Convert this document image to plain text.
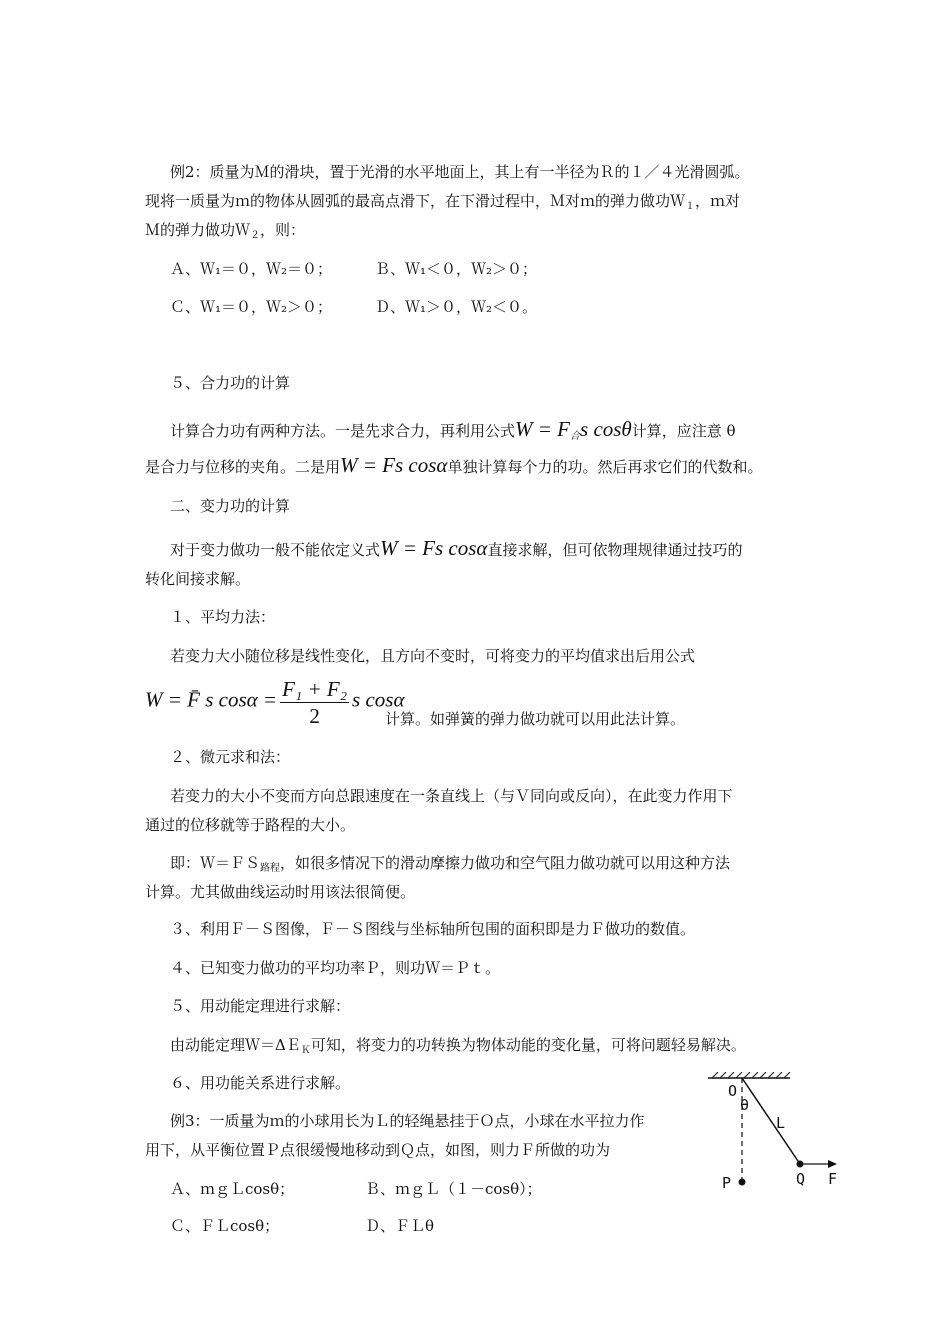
例2：质量为Ｍ的滑块，置于光滑的水平地面上，其上有一半径为Ｒ的１／４光滑圆弧。
现将一质量为ｍ的物体从圆弧的最高点滑下，在下滑过程中，Ｍ对ｍ的弹力做功Ｗ$_1$，ｍ对
Ｍ的弹力做功Ｗ$_2$，则：
Ａ、Ｗ₁＝０，Ｗ₂＝０；	Ｂ、Ｗ₁＜０，Ｗ₂＞０；
Ｃ、Ｗ₁＝０，Ｗ₂＞０；	Ｄ、Ｗ₁＞０，Ｗ₂＜０。
５、合力功的计算
计算合力功有两种方法。一是先求合力，再利用公式$W = F_合s$ cosθ计算，应注意 θ
是合力与位移的夹角。二是用W = Fs cosα单独计算每个力的功。然后再求它们的代数和。
二、变力功的计算
对于变力做功一般不能依定义式W = Fs cosα直接求解，但可依物理规律通过技巧的
转化间接求解。
１、平均力法：
若变力大小随位移是线性变化，且方向不变时，可将变力的平均值求出后用公式
W = F̄ s $\cos\alpha = \frac{\text{F₁ + F₂}}{2}$ s cosα
计算。如弹簧的弹力做功就可以用此法计算。
２、微元求和法：
若变力的大小不变而方向总跟速度在一条直线上（与Ｖ同向或反向），在此变力作用下
通过的位移就等于路程的大小。
即：Ｗ＝ＦＳ$_{路程}$，如很多情况下的滑动摩擦力做功和空气阻力做功就可以用这种方法
计算。尤其做曲线运动时用该法很简便。
３、利用Ｆ－Ｓ图像，Ｆ－Ｓ图线与坐标轴所包围的面积即是力Ｆ做功的数值。
４、已知变力做功的平均功率Ｐ，则功Ｗ＝Ｐｔ。
５、用动能定理进行求解：
由动能定理Ｗ＝ΔＥ$_K$可知，将变力的功转换为物体动能的变化量，可将问题轻易解决。
６、用功能关系进行求解。
例3：一质量为ｍ的小球用长为Ｌ的轻绳悬挂于Ｏ点，小球在水平拉力作
用下，从平衡位置Ｐ点很缓慢地移动到Ｑ点，如图，则力Ｆ所做的功为
Ａ、ｍｇＬcosθ；	Ｂ、ｍｇＬ（１－cosθ）；
Ｃ、ＦＬcosθ；	Ｄ、ＦＬθ
O
θ
L
P	Q F
